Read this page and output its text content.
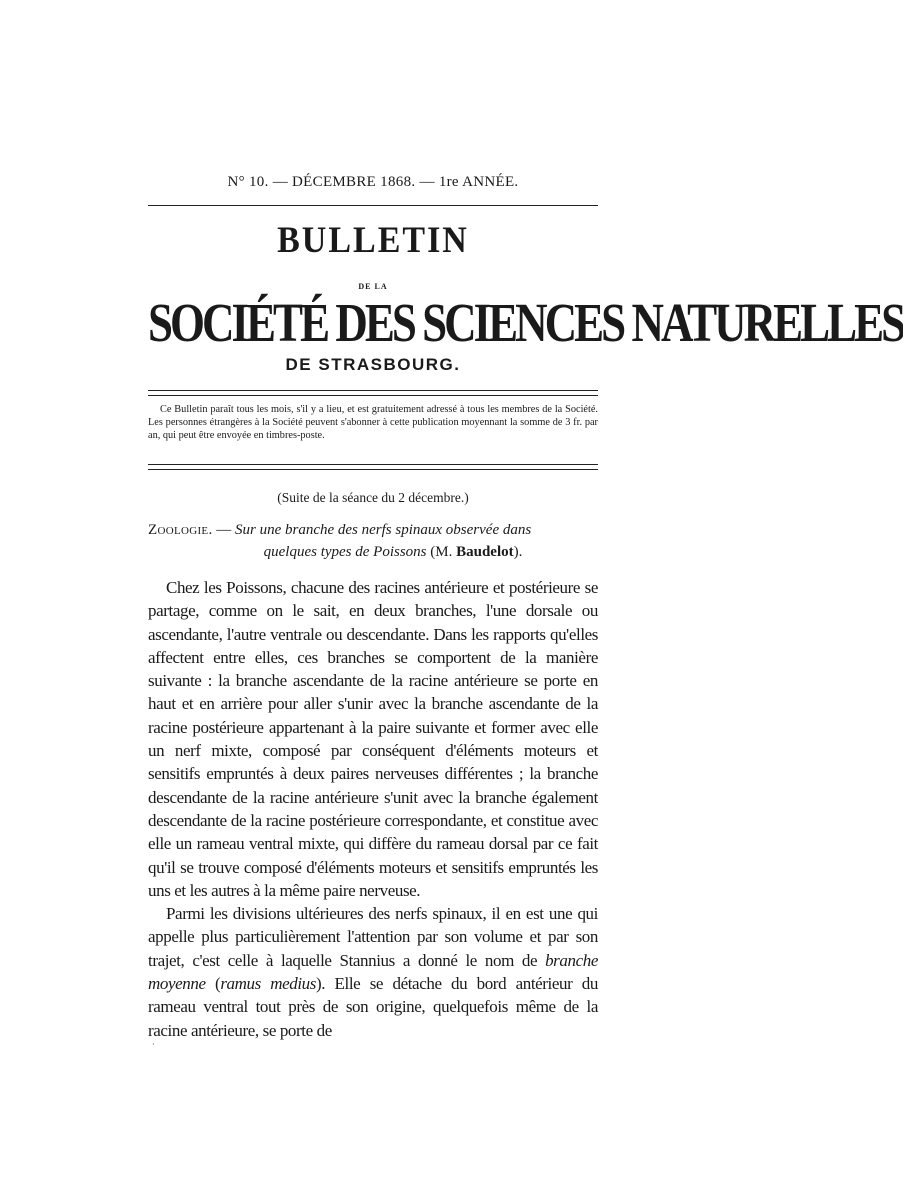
N° 10. — DÉCEMBRE 1868. — 1re ANNÉE.
BULLETIN
DE LA
SOCIÉTÉ DES SCIENCES NATURELLES
DE STRASBOURG.
Ce Bulletin paraît tous les mois, s'il y a lieu, et est gratuitement adressé à tous les membres de la Société. Les personnes étrangères à la Société peuvent s'abonner à cette publication moyennant la somme de 3 fr. par an, qui peut être envoyée en timbres-poste.
(Suite de la séance du 2 décembre.)
Zoologie. — Sur une branche des nerfs spinaux observée dans
quelques types de Poissons (M. Baudelot).

Chez les Poissons, chacune des racines antérieure et postérieure se partage, comme on le sait, en deux branches, l'une dorsale ou ascendante, l'autre ventrale ou descendante. Dans les rapports qu'elles affectent entre elles, ces branches se comportent de la manière suivante : la branche ascendante de la racine antérieure se porte en haut et en arrière pour aller s'unir avec la branche ascendante de la racine postérieure appartenant à la paire suivante et former avec elle un nerf mixte, composé par conséquent d'éléments moteurs et sensitifs empruntés à deux paires nerveuses différentes ; la branche descendante de la racine antérieure s'unit avec la branche également descendante de la racine postérieure correspondante, et constitue avec elle un rameau ventral mixte, qui diffère du rameau dorsal par ce fait qu'il se trouve composé d'éléments moteurs et sensitifs empruntés les uns et les autres à la même paire nerveuse.

Parmi les divisions ultérieures des nerfs spinaux, il en est une qui appelle plus particulièrement l'attention par son volume et par son trajet, c'est celle à laquelle Stannius a donné le nom de branche moyenne (ramus medius). Elle se détache du bord antérieur du rameau ventral tout près de son origine, quelquefois même de la racine antérieure, se porte de

·
